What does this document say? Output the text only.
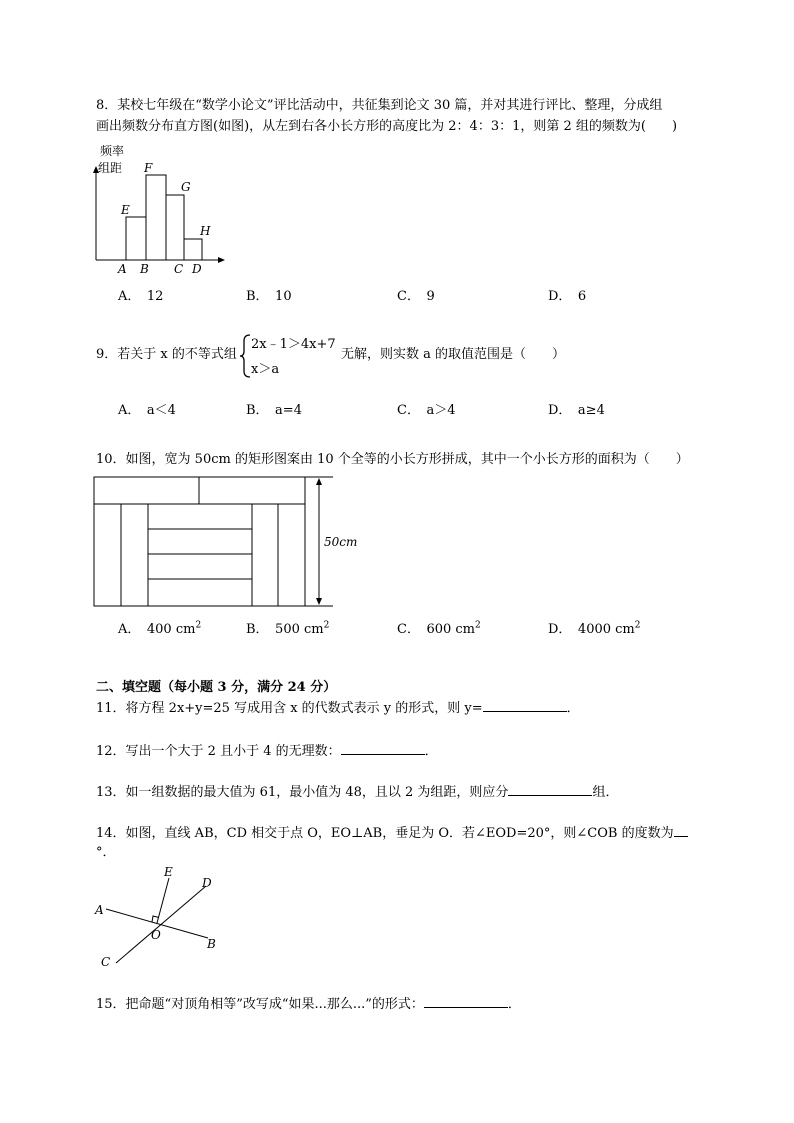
8．某校七年级在“数学小论文”评比活动中，共征集到论文 30 篇，并对其进行评比、整理，分成组
画出频数分布直方图(如图)，从左到右各小长方形的高度比为 2：4：3：1，则第 2 组的频数为(　　)
频率
组距
E
F
G
H
A B C D
A．　12	B．　10	C．　9	D．　6
9．若关于 x 的不等式组
2x﹣1＞4x+7
x＞a
无解，则实数 a 的取值范围是（　　）
A．　a＜4	B．　a=4	C．　a＞4	D．　a≥4
10．如图，宽为 50cm 的矩形图案由 10 个全等的小长方形拼成，其中一个小长方形的面积为（　　）
50cm
A．　400 $cm^2$	B．　500 $cm^2$	C．　600 $cm^2$	D．　4000 $cm^2$
二、填空题（每小题 3 分，满分 24 分）
11．将方程 2x+y=25 写成用含 x 的代数式表示 y 的形式，则 y=	．
12．写出一个大于 2 且小于 4 的无理数：	．
13．如一组数据的最大值为 61，最小值为 48，且以 2 为组距，则应分	组．
14．如图，直线 AB，CD 相交于点 O，EO⊥AB，垂足为 O．若∠EOD=20°，则∠COB 的度数为
°．
A
B
C
D
E
O
15．把命题“对顶角相等”改写成“如果...那么...”的形式：	．
